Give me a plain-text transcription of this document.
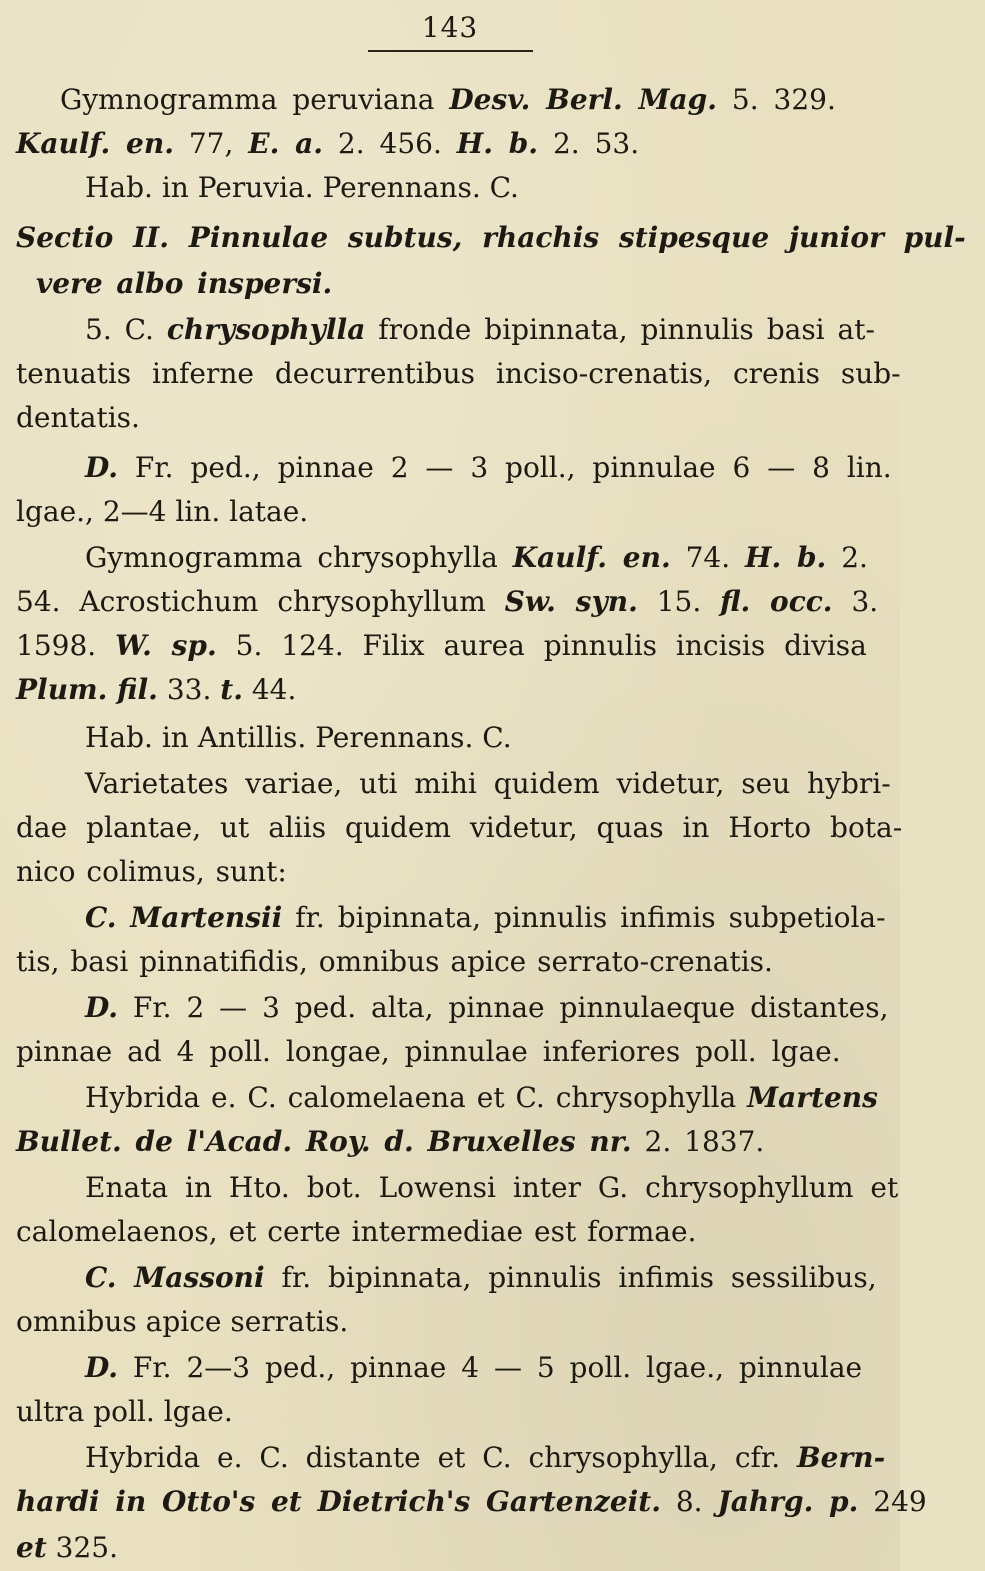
143
Gymnogramma peruviana Desv. Berl. Mag. 5. 329.
Kaulf. en. 77, E. a. 2. 456. H. b. 2. 53.
Hab. in Peruvia. Perennans. C.
Sectio II. Pinnulae subtus, rhachis stipesque junior pul-
vere albo inspersi.
5. C. chrysophylla fronde bipinnata, pinnulis basi at-
tenuatis inferne decurrentibus inciso-crenatis, crenis sub-
dentatis.
D. Fr. ped., pinnae 2 — 3 poll., pinnulae 6 — 8 lin.
lgae., 2—4 lin. latae.
Gymnogramma chrysophylla Kaulf. en. 74. H. b. 2.
54. Acrostichum chrysophyllum Sw. syn. 15. fl. occ. 3.
1598. W. sp. 5. 124. Filix aurea pinnulis incisis divisa
Plum. fil. 33. t. 44.
Hab. in Antillis. Perennans. C.
Varietates variae, uti mihi quidem videtur, seu hybri-
dae plantae, ut aliis quidem videtur, quas in Horto bota-
nico colimus, sunt:
C. Martensii fr. bipinnata, pinnulis infimis subpetiola-
tis, basi pinnatifidis, omnibus apice serrato-crenatis.
D. Fr. 2 — 3 ped. alta, pinnae pinnulaeque distantes,
pinnae ad 4 poll. longae, pinnulae inferiores poll. lgae.
Hybrida e. C. calomelaena et C. chrysophylla Martens
Bullet. de l'Acad. Roy. d. Bruxelles nr. 2. 1837.
Enata in Hto. bot. Lowensi inter G. chrysophyllum et
calomelaenos, et certe intermediae est formae.
C. Massoni fr. bipinnata, pinnulis infimis sessilibus,
omnibus apice serratis.
D. Fr. 2—3 ped., pinnae 4 — 5 poll. lgae., pinnulae
ultra poll. lgae.
Hybrida e. C. distante et C. chrysophylla, cfr. Bern-
hardi in Otto's et Dietrich's Gartenzeit. 8. Jahrg. p. 249
et 325.
